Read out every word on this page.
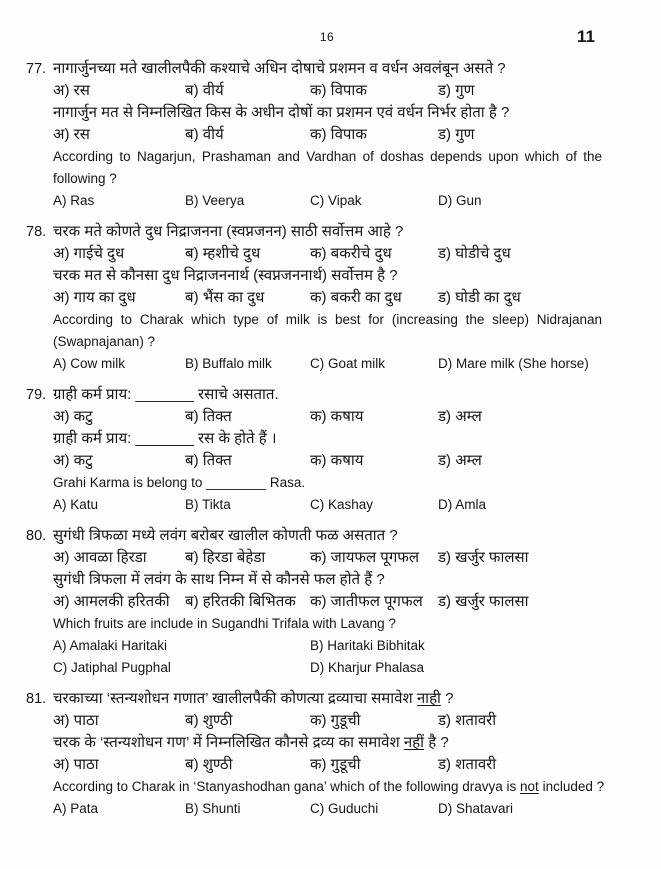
16	11
77. नागार्जुनच्या मते खालीलपैकी कश्याचे अधिन दोषाचे प्रशमन व वर्धन अवलंबून असते ?
अ) रस	ब) वीर्य	क) विपाक	ड) गुण
नागार्जुन मत से निम्नलिखित किस के अधीन दोषों का प्रशमन एवं वर्धन निर्भर होता है ?
अ) रस	ब) वीर्य	क) विपाक	ड) गुण
According to Nagarjun, Prashaman and Vardhan of doshas depends upon which of the
following ?
A) Ras	B) Veerya	C) Vipak	D) Gun
78. चरक मते कोणते दुध निद्राजनना (स्वप्नजनन) साठी सर्वोत्तम आहे ?
अ) गाईचे दुध	ब) म्हशीचे दुध	क) बकरीचे दुध	ड) घोडीचे दुध
चरक मत से कौनसा दुध निद्राजननार्थ (स्वप्नजननार्थ) सर्वोत्तम है ?
अ) गाय का दुध	ब) भैंस का दुध	क) बकरी का दुध	ड) घोडी का दुध
According to Charak which type of milk is best for (increasing the sleep) Nidrajanan
(Swapnajanan) ?
A) Cow milk	B) Buffalo milk	C) Goat milk	D) Mare milk (She horse)
79. ग्राही कर्म प्राय: _______ रसाचे असतात.
अ) कटु	ब) तिक्त	क) कषाय	ड) अम्ल
ग्राही कर्म प्राय: _______ रस के होते हैं ।
अ) कटु	ब) तिक्त	क) कषाय	ड) अम्ल
Grahi Karma is belong to ________ Rasa.
A) Katu	B) Tikta	C) Kashay	D) Amla
80. सुगंधी त्रिफळा मध्ये लवंग बरोबर खालील कोणती फळ असतात ?
अ) आवळा हिरडा	ब) हिरडा बेहेडा	क) जायफल पूगफल	ड) खर्जुर फालसा
सुगंधी त्रिफला में लवंग के साथ निम्न में से कौनसे फल होते हैं ?
अ) आमलकी हरितकी	ब) हरितकी बिभितक क) जातीफल पूगफल	ड) खर्जुर फालसा
Which fruits are include in Sugandhi Trifala with Lavang ?
A) Amalaki Haritaki	B) Haritaki Bibhitak
C) Jatiphal Pugphal	D) Kharjur Phalasa
81. चरकाच्या ‘स्तन्यशोधन गणात’ खालीलपैकी कोणत्या द्रव्याचा समावेश नाही ?
अ) पाठा	ब) शुण्ठी	क) गुडूची	ड) शतावरी
चरक के ‘स्तन्यशोधन गण’ में निम्नलिखित कौनसे द्रव्य का समावेश नहीं है ?
अ) पाठा	ब) शुण्ठी	क) गुडूची	ड) शतावरी
According to Charak in ‘Stanyashodhan gana’ which of the following dravya is not included ?
A) Pata	B) Shunti	C) Guduchi	D) Shatavari
